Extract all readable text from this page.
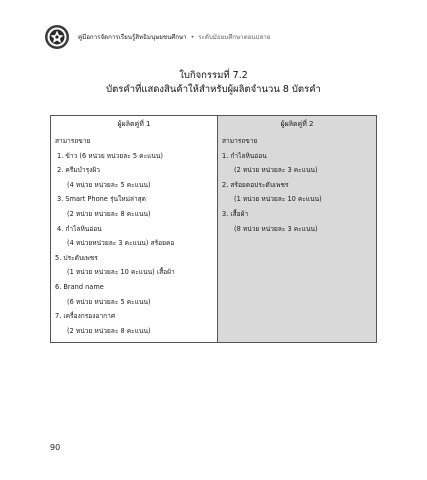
คู่มือการจัดการเรียนรู้สิทธิมนุษยชนศึกษา • ระดับมัธยมศึกษาตอนปลาย
ใบกิจกรรมที่ 7.2
บัตรคำที่แสดงสินค้าให้สำหรับผู้ผลิตจำนวน 8 บัตรคำ
ผู้ผลิตคู่ที่ 1
สามารถขาย
1. ข้าว (6 หน่วย หน่วยละ 5 คะแนน)
2. ครีมบำรุงผิว
(4 หน่วย หน่วยละ 5 คะแนน)
3. Smart Phone รุ่นใหม่ล่าสุด
(2 หน่วย หน่วยละ 8 คะแนน)
4. กำไลหินอ่อน
(4 หน่วยหน่วยละ 3 คะแนน) สร้อยคอ
5. ประดับเพชร
(1 หน่วย หน่วยละ 10 คะแนน) เสื้อผ้า
6. Brand name
(6 หน่วย หน่วยละ 5 คะแนน)
7. เครื่องกรองอากาศ
(2 หน่วย หน่วยละ 8 คะแนน)
ผู้ผลิตคู่ที่ 2
สามารถขาย
1. กำไลหินอ่อน
(2 หน่วย หน่วยละ 3 คะแนน)
2. สร้อยคอประดับเพชร
(1 หน่วย หน่วยละ 10 คะแนน)
3. เสื้อผ้า
(8 หน่วย หน่วยละ 3 คะแนน)
90
